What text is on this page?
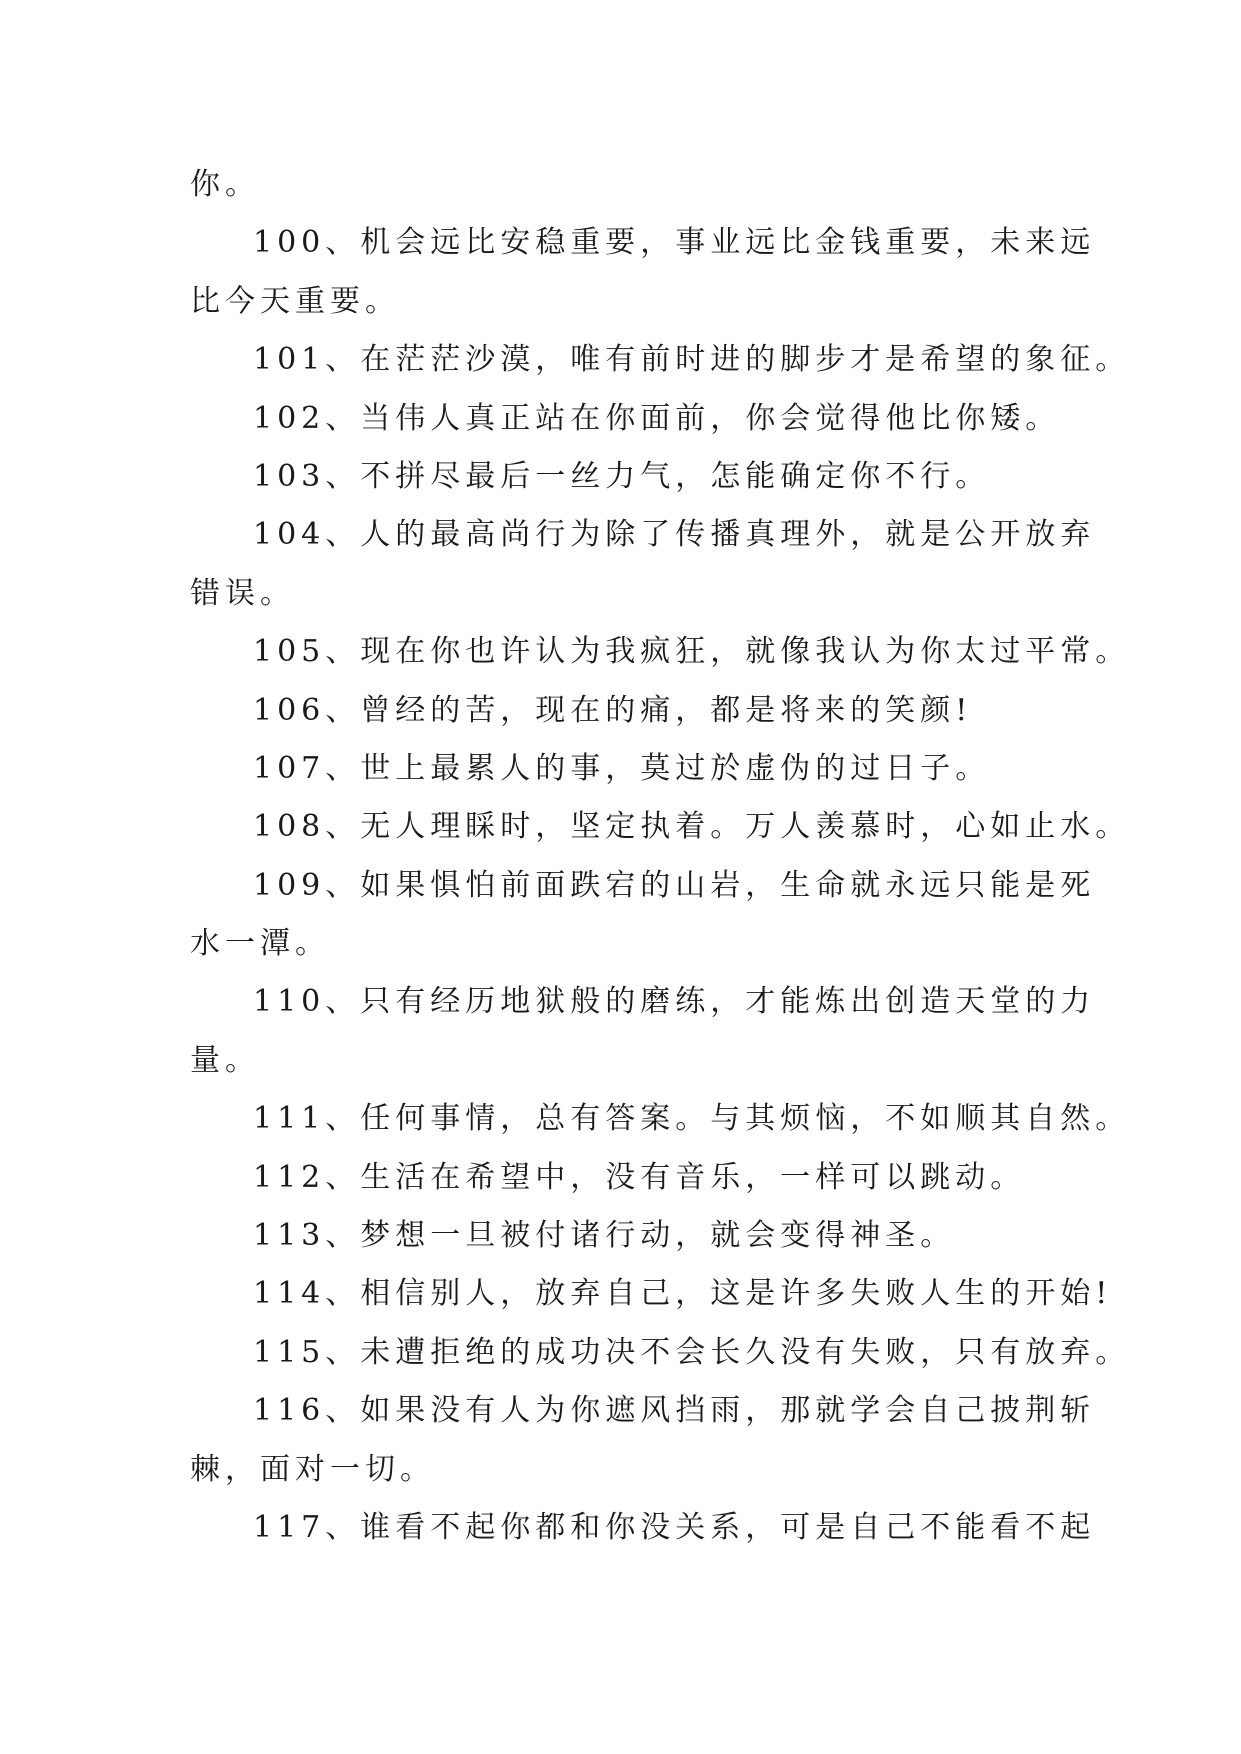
你。
100、机会远比安稳重要，事业远比金钱重要，未来远
比今天重要。
101、在茫茫沙漠，唯有前时进的脚步才是希望的象征。
102、当伟人真正站在你面前，你会觉得他比你矮。
103、不拼尽最后一丝力气，怎能确定你不行。
104、人的最高尚行为除了传播真理外，就是公开放弃
错误。
105、现在你也许认为我疯狂，就像我认为你太过平常。
106、曾经的苦，现在的痛，都是将来的笑颜!
107、世上最累人的事，莫过於虚伪的过日子。
108、无人理睬时，坚定执着。万人羡慕时，心如止水。
109、如果惧怕前面跌宕的山岩，生命就永远只能是死
水一潭。
110、只有经历地狱般的磨练，才能炼出创造天堂的力
量。
111、任何事情，总有答案。与其烦恼，不如顺其自然。
112、生活在希望中，没有音乐，一样可以跳动。
113、梦想一旦被付诸行动，就会变得神圣。
114、相信别人，放弃自己，这是许多失败人生的开始!
115、未遭拒绝的成功决不会长久没有失败，只有放弃。
116、如果没有人为你遮风挡雨，那就学会自己披荆斩
棘，面对一切。
117、谁看不起你都和你没关系，可是自己不能看不起
